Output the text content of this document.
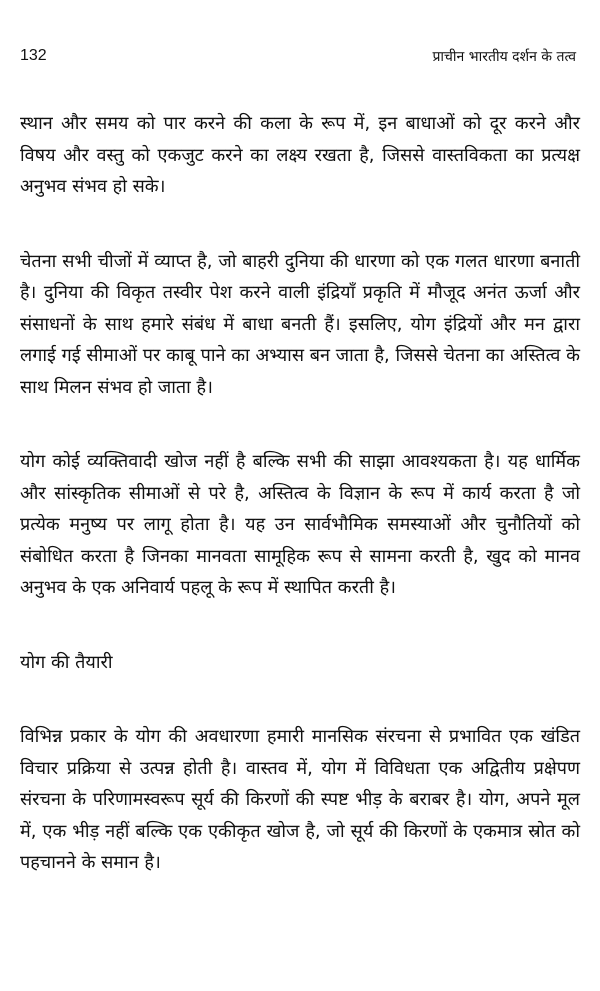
132	प्राचीन भारतीय दर्शन के तत्व

स्थान और समय को पार करने की कला के रूप में, इन बाधाओं को दूर करने और विषय और वस्तु को एकजुट करने का लक्ष्य रखता है, जिससे वास्तविकता का प्रत्यक्ष अनुभव संभव हो सके।

चेतना सभी चीजों में व्याप्त है, जो बाहरी दुनिया की धारणा को एक गलत धारणा बनाती है। दुनिया की विकृत तस्वीर पेश करने वाली इंद्रियाँ प्रकृति में मौजूद अनंत ऊर्जा और संसाधनों के साथ हमारे संबंध में बाधा बनती हैं। इसलिए, योग इंद्रियों और मन द्वारा लगाई गई सीमाओं पर काबू पाने का अभ्यास बन जाता है, जिससे चेतना का अस्तित्व के साथ मिलन संभव हो जाता है।

योग कोई व्यक्तिवादी खोज नहीं है बल्कि सभी की साझा आवश्यकता है। यह धार्मिक और सांस्कृतिक सीमाओं से परे है, अस्तित्व के विज्ञान के रूप में कार्य करता है जो प्रत्येक मनुष्य पर लागू होता है। यह उन सार्वभौमिक समस्याओं और चुनौतियों को संबोधित करता है जिनका मानवता सामूहिक रूप से सामना करती है, खुद को मानव अनुभव के एक अनिवार्य पहलू के रूप में स्थापित करती है।

योग की तैयारी

विभिन्न प्रकार के योग की अवधारणा हमारी मानसिक संरचना से प्रभावित एक खंडित विचार प्रक्रिया से उत्पन्न होती है। वास्तव में, योग में विविधता एक अद्वितीय प्रक्षेपण संरचना के परिणामस्वरूप सूर्य की किरणों की स्पष्ट भीड़ के बराबर है। योग, अपने मूल में, एक भीड़ नहीं बल्कि एक एकीकृत खोज है, जो सूर्य की किरणों के एकमात्र स्रोत को पहचानने के समान है।
